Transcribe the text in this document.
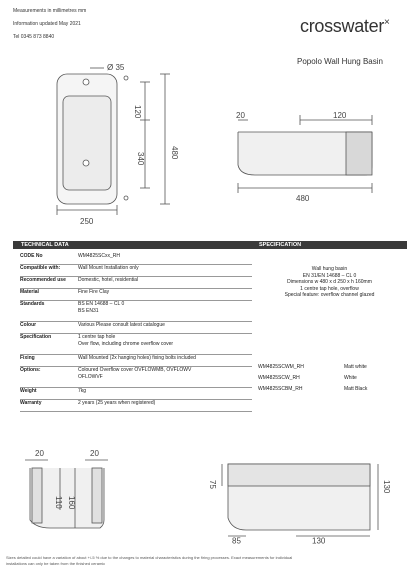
Measurements in millimetres mm
Information updated May 2021
Tel 0345 873 8840
crosswater×
Popolo Wall Hung Basin
Ø 35
120
340	480
250
20	120
480
TECHNICAL DATA	SPECIFICATION
CODE No	WM4825SCxx_RH
Compatible with:	Wall Mount Installation only
Recommended use	Domestic, hotel, residential
Material	Fine Fire Clay
Standards	BS EN 14688 – CL 0
BS EN31
Colour	Various Please consult latest catalogue
Specification	1 centre tap hole
Over flow, including chrome overflow cover
Fixing	Wall Mounted (2x hanging holes) fixing bolts included
Options:	Coloured Overflow cover OVFLOWMB, OVFLOWV
OFLOWVF
Weight	7kg
Warranty	2 years (25 years when registered)
Wall hung basin
EN 31/EN 14688 – CL 0
Dimensions w 480 x d 250 x h 160mm
1 centre tap hole, overflow
Special feature: overflow channel glazed
WM4825SCWM_RH	Matt white
WM4825SCW_RH	White
WM4825SCBM_RH	Matt Black
20	20
110 160
75	130
85	130
Sizes detailed could have a variation of about +/-5 % due to the changes to material characteristics during the firing processes. Exact measurements for individual
installations can only be taken from the finished ceramic
